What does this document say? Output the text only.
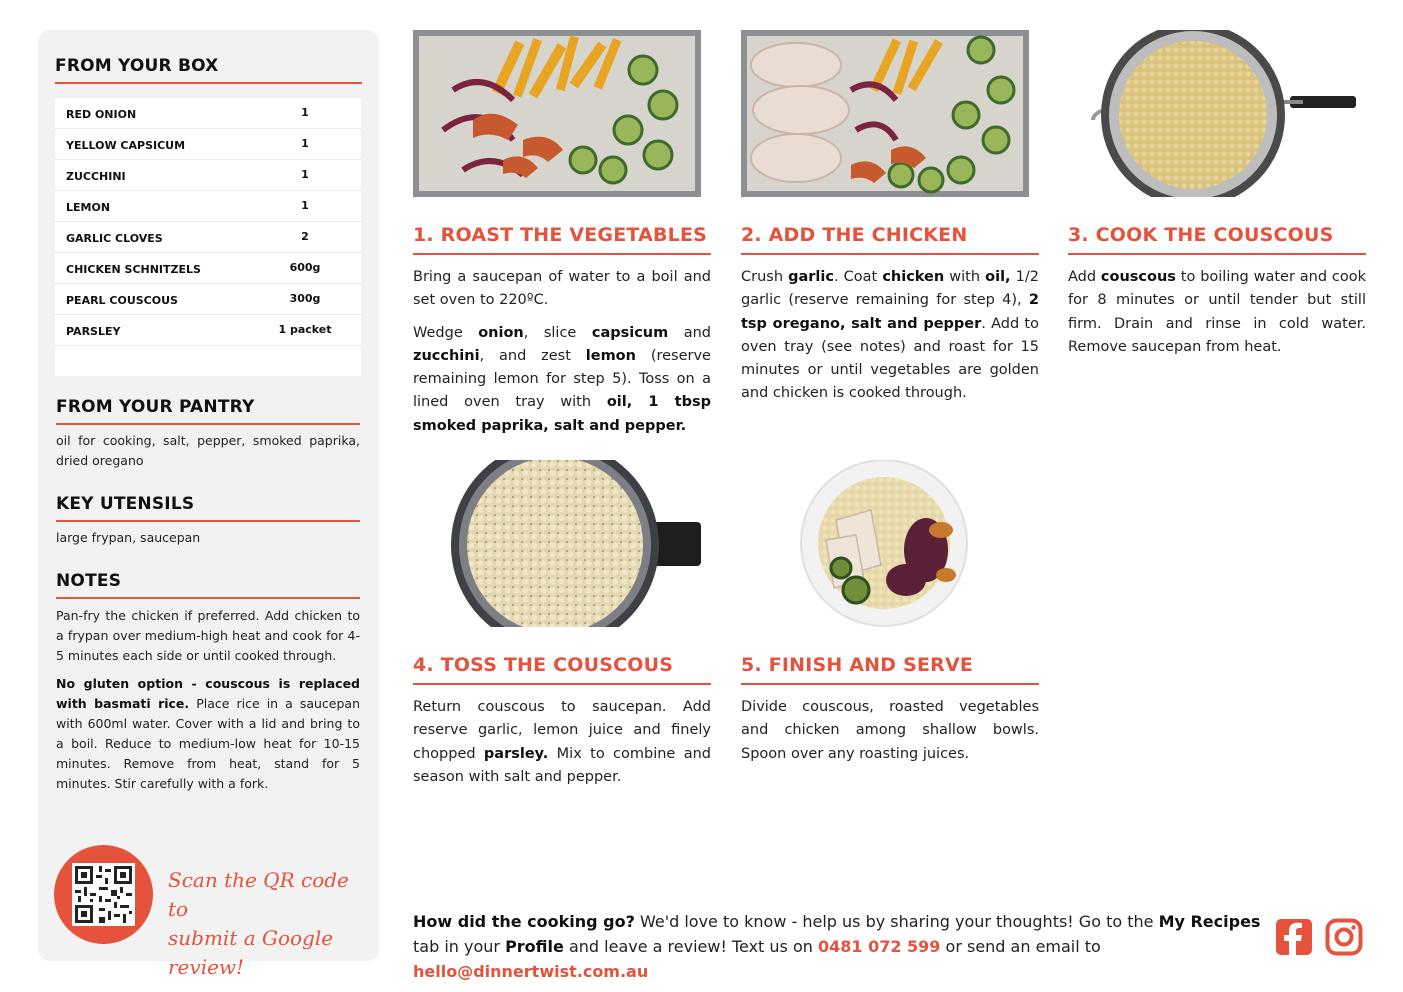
FROM YOUR BOX
RED ONION	1
YELLOW CAPSICUM	1
ZUCCHINI	1
LEMON	1
GARLIC CLOVES	2
CHICKEN SCHNITZELS	600g
PEARL COUSCOUS	300g
PARSLEY	1 packet
FROM YOUR PANTRY
oil for cooking, salt, pepper, smoked paprika, dried oregano
KEY UTENSILS
large frypan, saucepan
NOTES
Pan-fry the chicken if preferred. Add chicken to a frypan over medium-high heat and cook for 4-5 minutes each side or until cooked through.
No gluten option - couscous is replaced with basmati rice. Place rice in a saucepan with 600ml water. Cover with a lid and bring to a boil. Reduce to medium-low heat for 10-15 minutes. Remove from heat, stand for 5 minutes. Stir carefully with a fork.
Scan the QR code to
submit a Google review!
1. ROAST THE VEGETABLES

Bring a saucepan of water to a boil and set oven to 220ºC.

Wedge onion, slice capsicum and zucchini, and zest lemon (reserve remaining lemon for step 5). Toss on a lined oven tray with oil, 1 tbsp smoked paprika, salt and pepper.

2. ADD THE CHICKEN

Crush garlic. Coat chicken with oil, 1/2 garlic (reserve remaining for step 4), 2 tsp oregano, salt and pepper. Add to oven tray (see notes) and roast for 15 minutes or until vegetables are golden and chicken is cooked through.

3. COOK THE COUSCOUS

Add couscous to boiling water and cook for 8 minutes or until tender but still firm. Drain and rinse in cold water. Remove saucepan from heat.

4. TOSS THE COUSCOUS

Return couscous to saucepan. Add reserve garlic, lemon juice and finely chopped parsley. Mix to combine and season with salt and pepper.

5. FINISH AND SERVE

Divide couscous, roasted vegetables and chicken among shallow bowls. Spoon over any roasting juices.

How did the cooking go? We'd love to know - help us by sharing your thoughts! Go to the My Recipes tab in your Profile and leave a review! Text us on 0481 072 599 or send an email to hello@dinnertwist.com.au
